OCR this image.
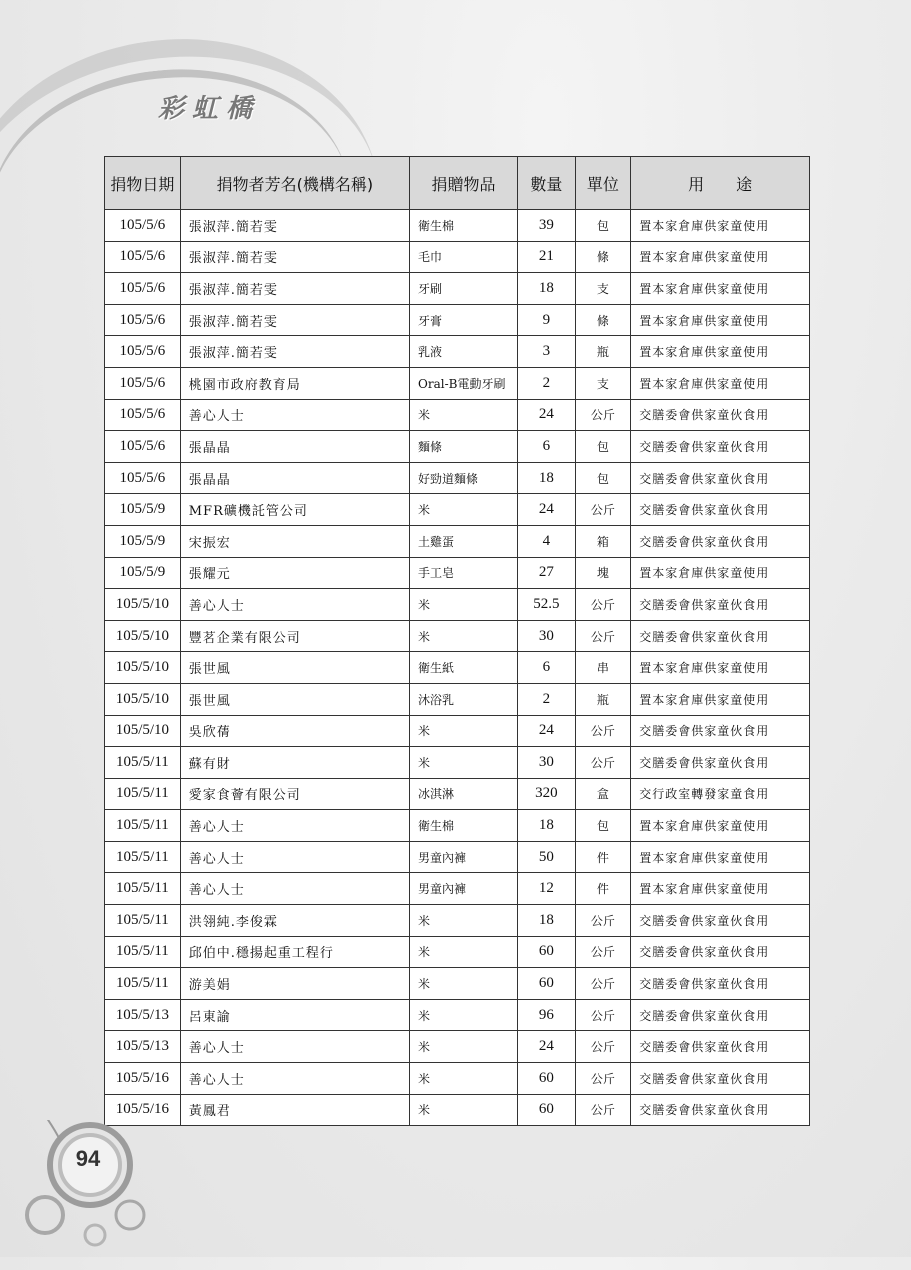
彩虹橋
捐物日期	捐物者芳名(機構名稱)	捐贈物品	數量	單位	用　　途
105/5/6	張淑萍.簡若雯	衛生棉	39	包	置本家倉庫供家童使用
105/5/6	張淑萍.簡若雯	毛巾	21	條	置本家倉庫供家童使用
105/5/6	張淑萍.簡若雯	牙刷	18	支	置本家倉庫供家童使用
105/5/6	張淑萍.簡若雯	牙膏	9	條	置本家倉庫供家童使用
105/5/6	張淑萍.簡若雯	乳液	3	瓶	置本家倉庫供家童使用
105/5/6	桃園市政府教育局	Oral-B電動牙刷	2	支	置本家倉庫供家童使用
105/5/6	善心人士	米	24	公斤	交膳委會供家童伙食用
105/5/6	張晶晶	麵條	6	包	交膳委會供家童伙食用
105/5/6	張晶晶	好勁道麵條	18	包	交膳委會供家童伙食用
105/5/9	MFR礦機託管公司	米	24	公斤	交膳委會供家童伙食用
105/5/9	宋振宏	土雞蛋	4	箱	交膳委會供家童伙食用
105/5/9	張耀元	手工皂	27	塊	置本家倉庫供家童使用
105/5/10	善心人士	米	52.5	公斤	交膳委會供家童伙食用
105/5/10	豐茗企業有限公司	米	30	公斤	交膳委會供家童伙食用
105/5/10	張世風	衛生紙	6	串	置本家倉庫供家童使用
105/5/10	張世風	沐浴乳	2	瓶	置本家倉庫供家童使用
105/5/10	吳欣蒨	米	24	公斤	交膳委會供家童伙食用
105/5/11	蘇有財	米	30	公斤	交膳委會供家童伙食用
105/5/11	愛家食薈有限公司	冰淇淋	320	盒	交行政室轉發家童食用
105/5/11	善心人士	衛生棉	18	包	置本家倉庫供家童使用
105/5/11	善心人士	男童內褲	50	件	置本家倉庫供家童使用
105/5/11	善心人士	男童內褲	12	件	置本家倉庫供家童使用
105/5/11	洪翎純.李俊霖	米	18	公斤	交膳委會供家童伙食用
105/5/11	邱伯中.穩揚起重工程行	米	60	公斤	交膳委會供家童伙食用
105/5/11	游美娟	米	60	公斤	交膳委會供家童伙食用
105/5/13	呂東諭	米	96	公斤	交膳委會供家童伙食用
105/5/13	善心人士	米	24	公斤	交膳委會供家童伙食用
105/5/16	善心人士	米	60	公斤	交膳委會供家童伙食用
105/5/16	黃鳳君	米	60	公斤	交膳委會供家童伙食用
94
